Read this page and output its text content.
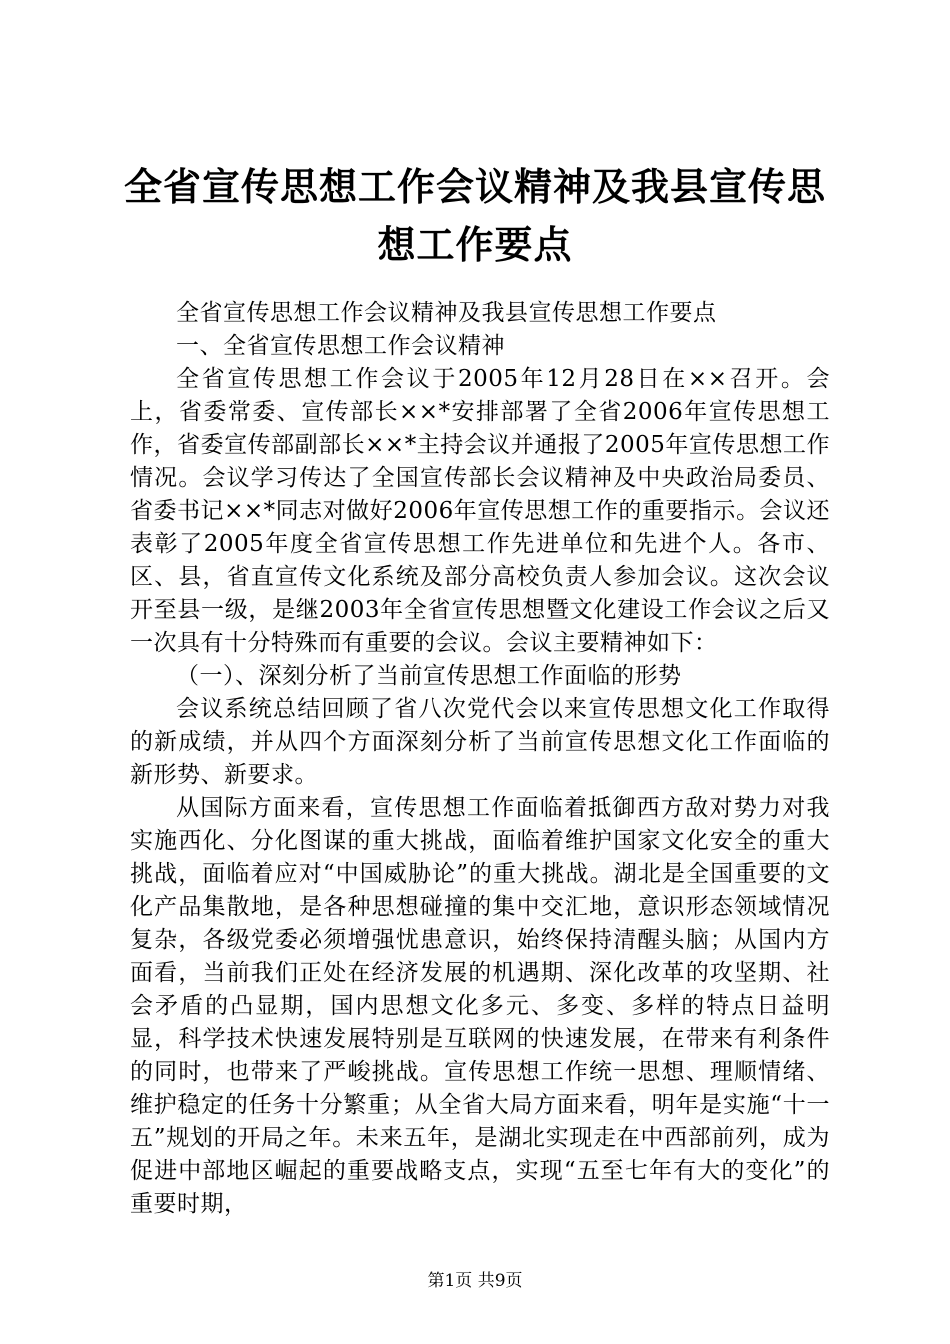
全省宣传思想工作会议精神及我县宣传思想工作要点

全省宣传思想工作会议精神及我县宣传思想工作要点

一、全省宣传思想工作会议精神

全省宣传思想工作会议于2005年12月28日在××召开。会上，省委常委、宣传部长××*安排部署了全省2006年宣传思想工作，省委宣传部副部长××*主持会议并通报了2005年宣传思想工作情况。会议学习传达了全国宣传部长会议精神及中央政治局委员、省委书记××*同志对做好2006年宣传思想工作的重要指示。会议还表彰了2005年度全省宣传思想工作先进单位和先进个人。各市、区、县，省直宣传文化系统及部分高校负责人参加会议。这次会议开至县一级，是继2003年全省宣传思想暨文化建设工作会议之后又一次具有十分特殊而有重要的会议。会议主要精神如下：

（一）、深刻分析了当前宣传思想工作面临的形势

会议系统总结回顾了省八次党代会以来宣传思想文化工作取得的新成绩，并从四个方面深刻分析了当前宣传思想文化工作面临的新形势、新要求。

从国际方面来看，宣传思想工作面临着抵御西方敌对势力对我实施西化、分化图谋的重大挑战，面临着维护国家文化安全的重大挑战，面临着应对“中国威胁论”的重大挑战。湖北是全国重要的文化产品集散地，是各种思想碰撞的集中交汇地，意识形态领域情况复杂，各级党委必须增强忧患意识，始终保持清醒头脑；从国内方面看，当前我们正处在经济发展的机遇期、深化改革的攻坚期、社会矛盾的凸显期，国内思想文化多元、多变、多样的特点日益明显，科学技术快速发展特别是互联网的快速发展，在带来有利条件的同时，也带来了严峻挑战。宣传思想工作统一思想、理顺情绪、维护稳定的任务十分繁重；从全省大局方面来看，明年是实施“十一五”规划的开局之年。未来五年，是湖北实现走在中西部前列，成为促进中部地区崛起的重要战略支点，实现“五至七年有大的变化”的重要时期，

第1页 共9页
